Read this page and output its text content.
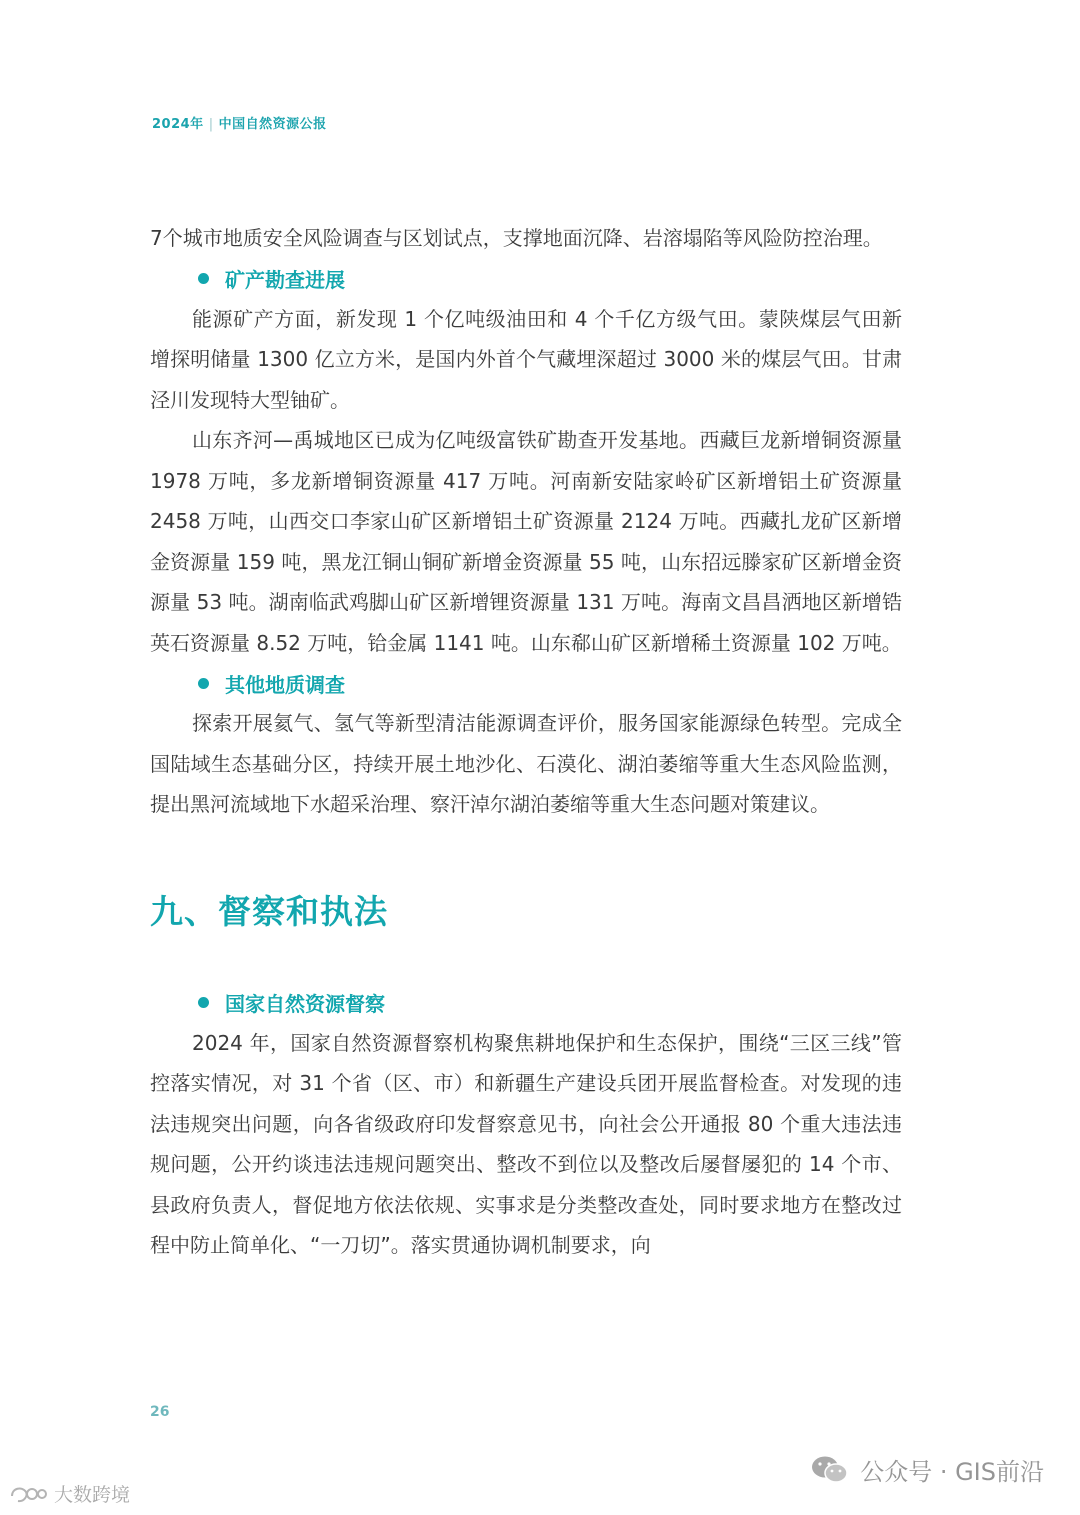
2024年 | 中国自然资源公报

7个城市地质安全风险调查与区划试点，支撑地面沉降、岩溶塌陷等风险防控治理。

矿产勘查进展

能源矿产方面，新发现 1 个亿吨级油田和 4 个千亿方级气田。蒙陕煤层气田新增探明储量 1300 亿立方米，是国内外首个气藏埋深超过 3000 米的煤层气田。甘肃泾川发现特大型铀矿。

山东齐河—禹城地区已成为亿吨级富铁矿勘查开发基地。西藏巨龙新增铜资源量 1978 万吨，多龙新增铜资源量 417 万吨。河南新安陆家岭矿区新增铝土矿资源量 2458 万吨，山西交口李家山矿区新增铝土矿资源量 2124 万吨。西藏扎龙矿区新增金资源量 159 吨，黑龙江铜山铜矿新增金资源量 55 吨，山东招远滕家矿区新增金资源量 53 吨。湖南临武鸡脚山矿区新增锂资源量 131 万吨。海南文昌昌洒地区新增锆英石资源量 8.52 万吨，铪金属 1141 吨。山东郗山矿区新增稀土资源量 102 万吨。

其他地质调查

探索开展氦气、氢气等新型清洁能源调查评价，服务国家能源绿色转型。完成全国陆域生态基础分区，持续开展土地沙化、石漠化、湖泊萎缩等重大生态风险监测，提出黑河流域地下水超采治理、察汗淖尔湖泊萎缩等重大生态问题对策建议。

九、督察和执法
国家自然资源督察

2024 年，国家自然资源督察机构聚焦耕地保护和生态保护，围绕“三区三线”管控落实情况，对 31 个省（区、市）和新疆生产建设兵团开展监督检查。对发现的违法违规突出问题，向各省级政府印发督察意见书，向社会公开通报 80 个重大违法违规问题，公开约谈违法违规问题突出、整改不到位以及整改后屡督屡犯的 14 个市、县政府负责人，督促地方依法依规、实事求是分类整改查处，同时要求地方在整改过程中防止简单化、“一刀切”。落实贯通协调机制要求，向

26
大数跨境
公众号 · GIS前沿
